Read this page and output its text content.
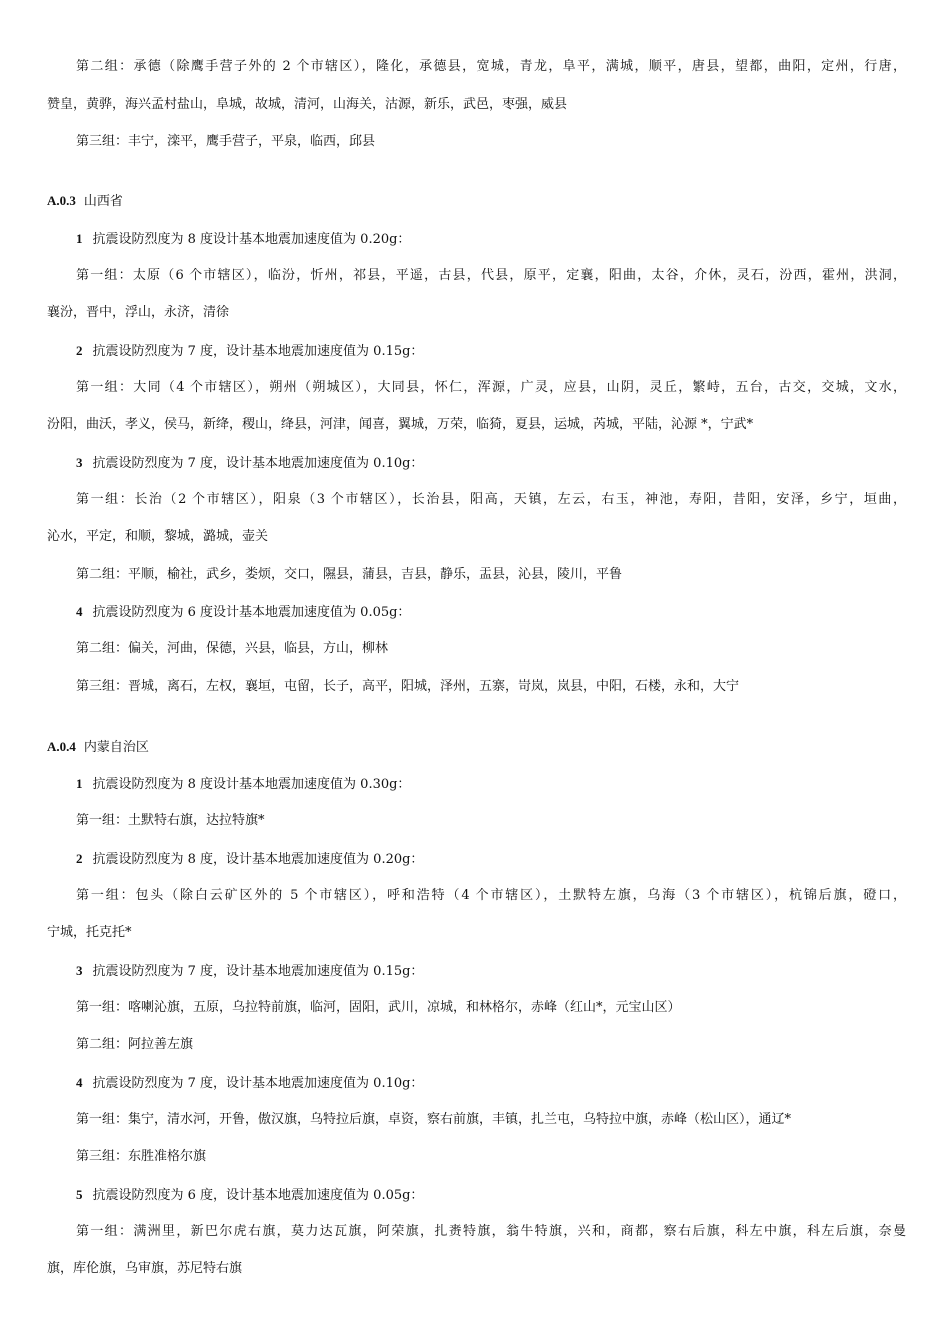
第二组：承德（除鹰手营子外的 2 个市辖区），隆化，承德县，宽城，青龙，阜平，满城，顺平，唐县，望都，曲阳，定州，行唐，
赞皇，黄骅，海兴孟村盐山，阜城，故城，清河，山海关，沽源，新乐，武邑，枣强，威县
第三组：丰宁，滦平，鹰手营子，平泉，临西，邱县
A.0.3 山西省
1 抗震设防烈度为 8 度设计基本地震加速度值为 0.20g：
第一组：太原（6 个市辖区），临汾，忻州，祁县，平遥，古县，代县，原平，定襄，阳曲，太谷，介休，灵石，汾西，霍州，洪洞，
襄汾，晋中，浮山，永济，清徐
2 抗震设防烈度为 7 度，设计基本地震加速度值为 0.15g：
第一组：大同（4 个市辖区），朔州（朔城区），大同县，怀仁，浑源，广灵，应县，山阴，灵丘，繁峙，五台，古交，交城，文水，
汾阳，曲沃，孝义，侯马，新绛，稷山，绛县，河津，闻喜，翼城，万荣，临猗，夏县，运城，芮城，平陆，沁源 *，宁武*
3 抗震设防烈度为 7 度，设计基本地震加速度值为 0.10g：
第一组：长治（2 个市辖区），阳泉（3 个市辖区），长治县，阳高，天镇，左云，右玉，神池，寿阳，昔阳，安泽，乡宁，垣曲，
沁水，平定，和顺，黎城，潞城，壶关
第二组：平顺，榆社，武乡，娄烦，交口，隰县，蒲县，吉县，静乐，盂县，沁县，陵川，平鲁
4 抗震设防烈度为 6 度设计基本地震加速度值为 0.05g：
第二组：偏关，河曲，保德，兴县，临县，方山，柳林
第三组：晋城，离石，左权，襄垣，屯留，长子，高平，阳城，泽州，五寨，岢岚，岚县，中阳，石楼，永和，大宁
A.0.4 内蒙自治区
1 抗震设防烈度为 8 度设计基本地震加速度值为 0.30g：
第一组：土默特右旗，达拉特旗*
2 抗震设防烈度为 8 度，设计基本地震加速度值为 0.20g：
第一组：包头（除白云矿区外的 5 个市辖区），呼和浩特（4 个市辖区），土默特左旗，乌海（3 个市辖区），杭锦后旗，磴口，
宁城，托克托*
3 抗震设防烈度为 7 度，设计基本地震加速度值为 0.15g：
第一组：喀喇沁旗，五原，乌拉特前旗，临河，固阳，武川，凉城，和林格尔，赤峰（红山*，元宝山区）
第二组：阿拉善左旗
4 抗震设防烈度为 7 度，设计基本地震加速度值为 0.10g：
第一组：集宁，清水河，开鲁，傲汉旗，乌特拉后旗，卓资，察右前旗，丰镇，扎兰屯，乌特拉中旗，赤峰（松山区），通辽*
第三组：东胜准格尔旗
5 抗震设防烈度为 6 度，设计基本地震加速度值为 0.05g：
第一组：满洲里，新巴尔虎右旗，莫力达瓦旗，阿荣旗，扎赉特旗，翁牛特旗，兴和，商都，察右后旗，科左中旗，科左后旗，奈曼
旗，库伦旗，乌审旗，苏尼特右旗
